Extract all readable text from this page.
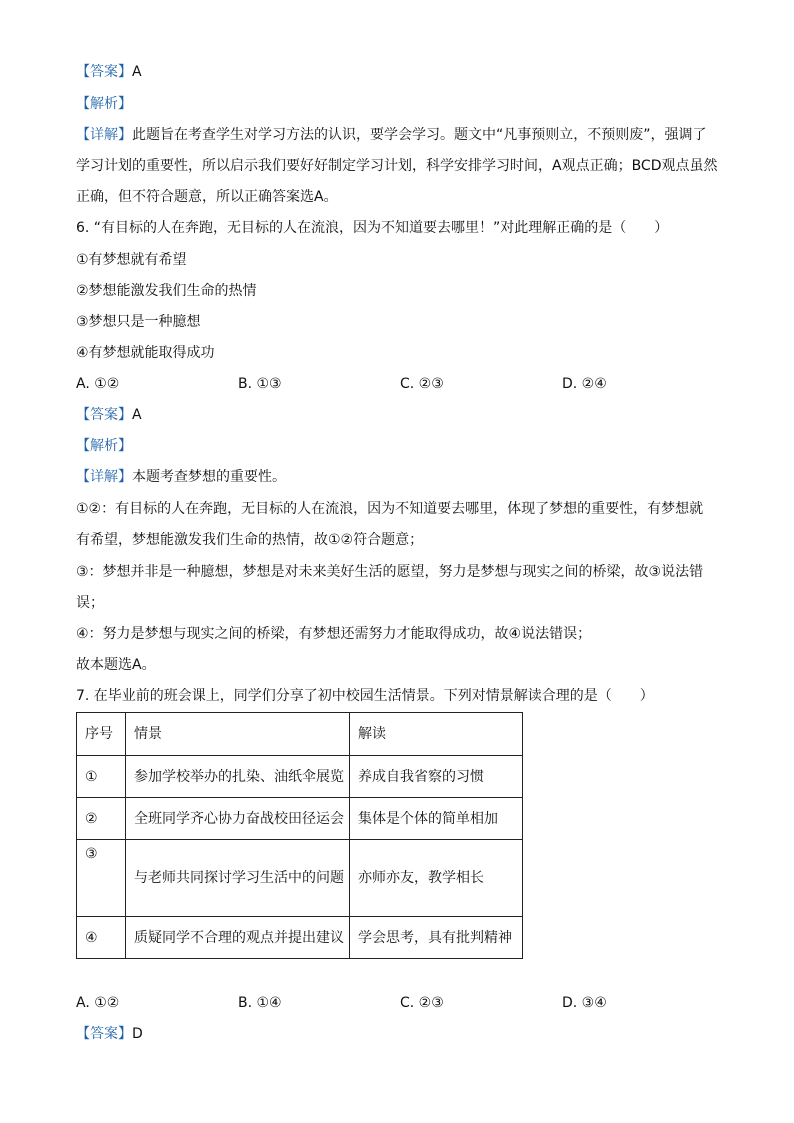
【答案】A
【解析】
【详解】此题旨在考查学生对学习方法的认识，要学会学习。题文中“凡事预则立，不预则废”，强调了
学习计划的重要性，所以启示我们要好好制定学习计划，科学安排学习时间，A观点正确；BCD观点虽然
正确，但不符合题意，所以正确答案选A。
6. “有目标的人在奔跑，无目标的人在流浪，因为不知道要去哪里！”对此理解正确的是（　　）
①有梦想就有希望
②梦想能激发我们生命的热情
③梦想只是一种臆想
④有梦想就能取得成功
A. ①②	B. ①③	C. ②③	D. ②④
【答案】A
【解析】
【详解】本题考查梦想的重要性。
①②：有目标的人在奔跑，无目标的人在流浪，因为不知道要去哪里，体现了梦想的重要性，有梦想就
有希望，梦想能激发我们生命的热情，故①②符合题意；
③：梦想并非是一种臆想，梦想是对未来美好生活的愿望，努力是梦想与现实之间的桥梁，故③说法错
误；
④：努力是梦想与现实之间的桥梁，有梦想还需努力才能取得成功，故④说法错误；
故本题选A。
7. 在毕业前的班会课上，同学们分享了初中校园生活情景。下列对情景解读合理的是（　　）
序号	情景	解读
①	参加学校举办的扎染、油纸伞展览	养成自我省察的习惯
②	全班同学齐心协力奋战校田径运会	集体是个体的简单相加
③	与老师共同探讨学习生活中的问题	亦师亦友，教学相长
④	质疑同学不合理的观点并提出建议	学会思考，具有批判精神
A. ①②	B. ①④	C. ②③	D. ③④
【答案】D
